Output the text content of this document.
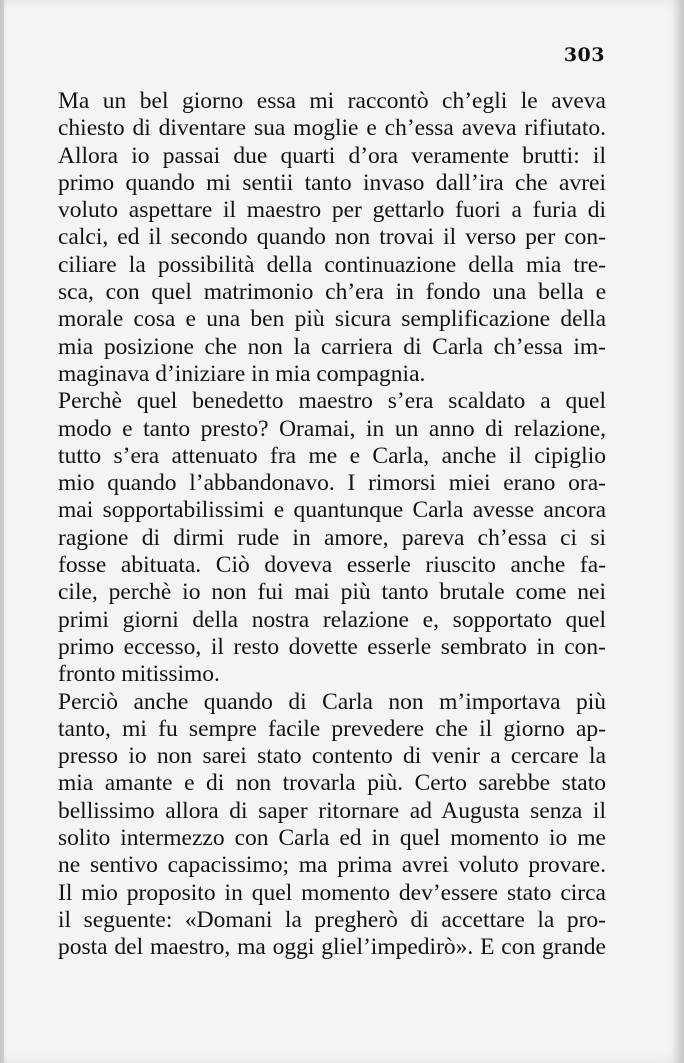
303
Ma un bel giorno essa mi raccontò ch’egli le aveva
chiesto di diventare sua moglie e ch’essa aveva rifiutato.
Allora io passai due quarti d’ora veramente brutti: il
primo quando mi sentii tanto invaso dall’ira che avrei
voluto aspettare il maestro per gettarlo fuori a furia di
calci, ed il secondo quando non trovai il verso per con-
ciliare la possibilità della continuazione della mia tre-
sca, con quel matrimonio ch’era in fondo una bella e
morale cosa e una ben più sicura semplificazione della
mia posizione che non la carriera di Carla ch’essa im-
maginava d’iniziare in mia compagnia.
Perchè quel benedetto maestro s’era scaldato a quel
modo e tanto presto? Oramai, in un anno di relazione,
tutto s’era attenuato fra me e Carla, anche il cipiglio
mio quando l’abbandonavo. I rimorsi miei erano ora-
mai sopportabilissimi e quantunque Carla avesse ancora
ragione di dirmi rude in amore, pareva ch’essa ci si
fosse abituata. Ciò doveva esserle riuscito anche fa-
cile, perchè io non fui mai più tanto brutale come nei
primi giorni della nostra relazione e, sopportato quel
primo eccesso, il resto dovette esserle sembrato in con-
fronto mitissimo.
Perciò anche quando di Carla non m’importava più
tanto, mi fu sempre facile prevedere che il giorno ap-
presso io non sarei stato contento di venir a cercare la
mia amante e di non trovarla più. Certo sarebbe stato
bellissimo allora di saper ritornare ad Augusta senza il
solito intermezzo con Carla ed in quel momento io me
ne sentivo capacissimo; ma prima avrei voluto provare.
Il mio proposito in quel momento dev’essere stato circa
il seguente: «Domani la pregherò di accettare la pro-
posta del maestro, ma oggi gliel’impedirò». E con grande
